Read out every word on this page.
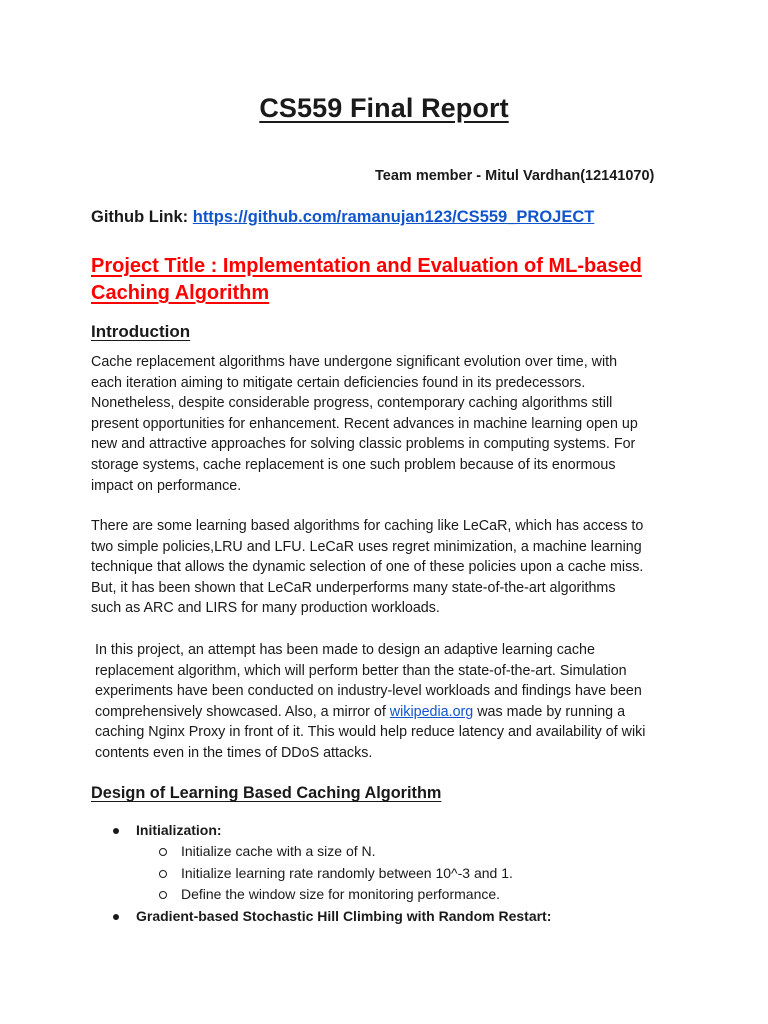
CS559 Final Report
Team member - Mitul Vardhan(12141070)
Github Link: https://github.com/ramanujan123/CS559_PROJECT
Project Title : Implementation and Evaluation of ML-based
Caching Algorithm
Introduction

Cache replacement algorithms have undergone significant evolution over time, with
each iteration aiming to mitigate certain deficiencies found in its predecessors.
Nonetheless, despite considerable progress, contemporary caching algorithms still
present opportunities for enhancement. Recent advances in machine learning open up
new and attractive approaches for solving classic problems in computing systems. For
storage systems, cache replacement is one such problem because of its enormous
impact on performance.

There are some learning based algorithms for caching like LeCaR, which has access to
two simple policies,LRU and LFU. LeCaR uses regret minimization, a machine learning
technique that allows the dynamic selection of one of these policies upon a cache miss.
But, it has been shown that LeCaR underperforms many state-of-the-art algorithms
such as ARC and LIRS for many production workloads.

In this project, an attempt has been made to design an adaptive learning cache
replacement algorithm, which will perform better than the state-of-the-art. Simulation
experiments have been conducted on industry-level workloads and findings have been
comprehensively showcased. Also, a mirror of wikipedia.org was made by running a
caching Nginx Proxy in front of it. This would help reduce latency and availability of wiki
contents even in the times of DDoS attacks.

Design of Learning Based Caching Algorithm
Initialization:
Initialize cache with a size of N.
Initialize learning rate randomly between 10^-3 and 1.
Define the window size for monitoring performance.
Gradient-based Stochastic Hill Climbing with Random Restart:
